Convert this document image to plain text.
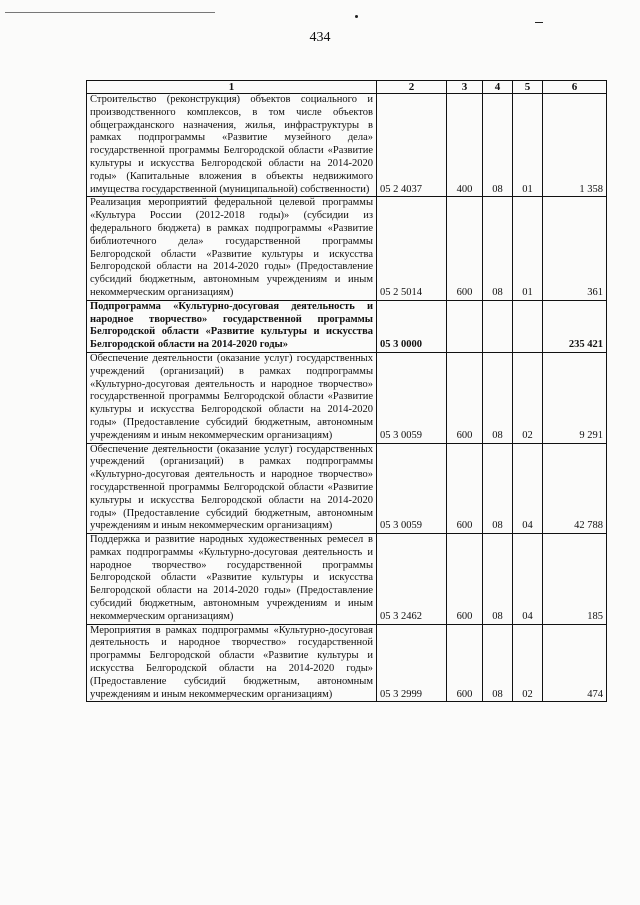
434
1	2	3	4	5	6
Строительство (реконструкция) объектов социального и производственного комплексов, в том числе объектов общегражданского назначения, жилья, инфраструктуры в рамках подпрограммы «Развитие музейного дела» государственной программы Белгородской области «Развитие культуры и искусства Белгородской области на 2014-2020 годы» (Капитальные вложения в объекты недвижимого имущества государственной (муниципальной) собственности)	05 2 4037	400	08	01	1 358
Реализация мероприятий федеральной целевой программы «Культура России (2012-2018 годы)» (субсидии из федерального бюджета) в рамках подпрограммы «Развитие библиотечного дела» государственной программы Белгородской области «Развитие культуры и искусства Белгородской области на 2014-2020 годы» (Предоставление субсидий бюджетным, автономным учреждениям и иным некоммерческим организациям)	05 2 5014	600	08	01	361
Подпрограмма «Культурно-досуговая деятельность и народное творчество» государственной программы Белгородской области «Развитие культуры и искусства Белгородской области на 2014-2020 годы»	05 3 0000				235 421
Обеспечение деятельности (оказание услуг) государственных учреждений (организаций) в рамках подпрограммы «Культурно-досуговая деятельность и народное творчество» государственной программы Белгородской области «Развитие культуры и искусства Белгородской области на 2014-2020 годы» (Предоставление субсидий бюджетным, автономным учреждениям и иным некоммерческим организациям)	05 3 0059	600	08	02	9 291
Обеспечение деятельности (оказание услуг) государственных учреждений (организаций) в рамках подпрограммы «Культурно-досуговая деятельность и народное творчество» государственной программы Белгородской области «Развитие культуры и искусства Белгородской области на 2014-2020 годы» (Предоставление субсидий бюджетным, автономным учреждениям и иным некоммерческим организациям)	05 3 0059	600	08	04	42 788
Поддержка и развитие народных художественных ремесел в рамках подпрограммы «Культурно-досуговая деятельность и народное творчество» государственной программы Белгородской области «Развитие культуры и искусства Белгородской области на 2014-2020 годы» (Предоставление субсидий бюджетным, автономным учреждениям и иным некоммерческим организациям)	05 3 2462	600	08	04	185
Мероприятия в рамках подпрограммы «Культурно-досуговая деятельность и народное творчество» государственной программы Белгородской области «Развитие культуры и искусства Белгородской области на 2014-2020 годы» (Предоставление субсидий бюджетным, автономным учреждениям и иным некоммерческим организациям)	05 3 2999	600	08	02	474
